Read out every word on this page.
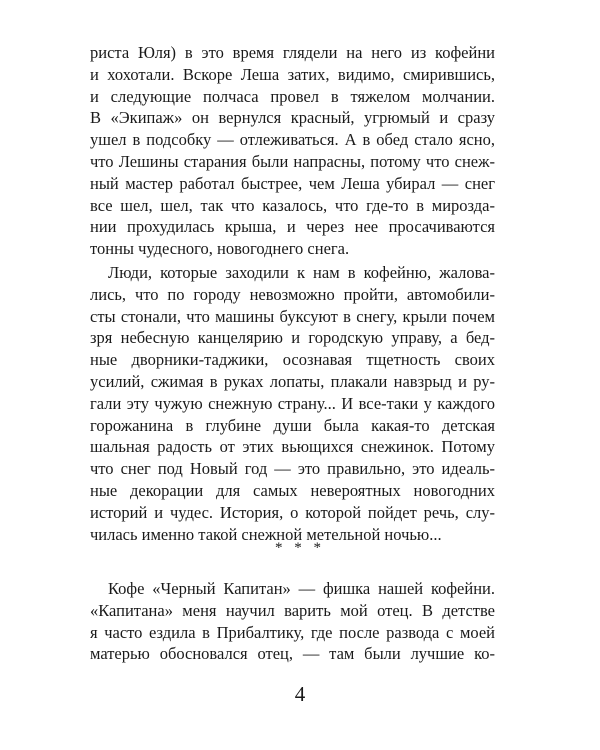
риста Юля) в это время глядели на него из кофейни
и хохотали. Вскоре Леша затих, видимо, смирившись,
и следующие полчаса провел в тяжелом молчании.
В «Экипаж» он вернулся красный, угрюмый и сразу
ушел в подсобку — отлеживаться. А в обед стало ясно,
что Лешины старания были напрасны, потому что снеж-
ный мастер работал быстрее, чем Леша убирал — снег
все шел, шел, так что казалось, что где-то в мирозда-
нии прохудилась крыша, и через нее просачиваются
тонны чудесного, новогоднего снега.
Люди, которые заходили к нам в кофейню, жалова-
лись, что по городу невозможно пройти, автомобили-
сты стонали, что машины буксуют в снегу, крыли почем
зря небесную канцелярию и городскую управу, а бед-
ные дворники-таджики, осознавая тщетность своих
усилий, сжимая в руках лопаты, плакали навзрыд и ру-
гали эту чужую снежную страну... И все-таки у каждого
горожанина в глубине души была какая-то детская
шальная радость от этих вьющихся снежинок. Потому
что снег под Новый год — это правильно, это идеаль-
ные декорации для самых невероятных новогодних
историй и чудес. История, о которой пойдет речь, слу-
чилась именно такой снежной метельной ночью...
* * *
Кофе «Черный Капитан» — фишка нашей кофейни.
«Капитана» меня научил варить мой отец. В детстве
я часто ездила в Прибалтику, где после развода с моей
матерью обосновался отец, — там были лучшие ко-
4
